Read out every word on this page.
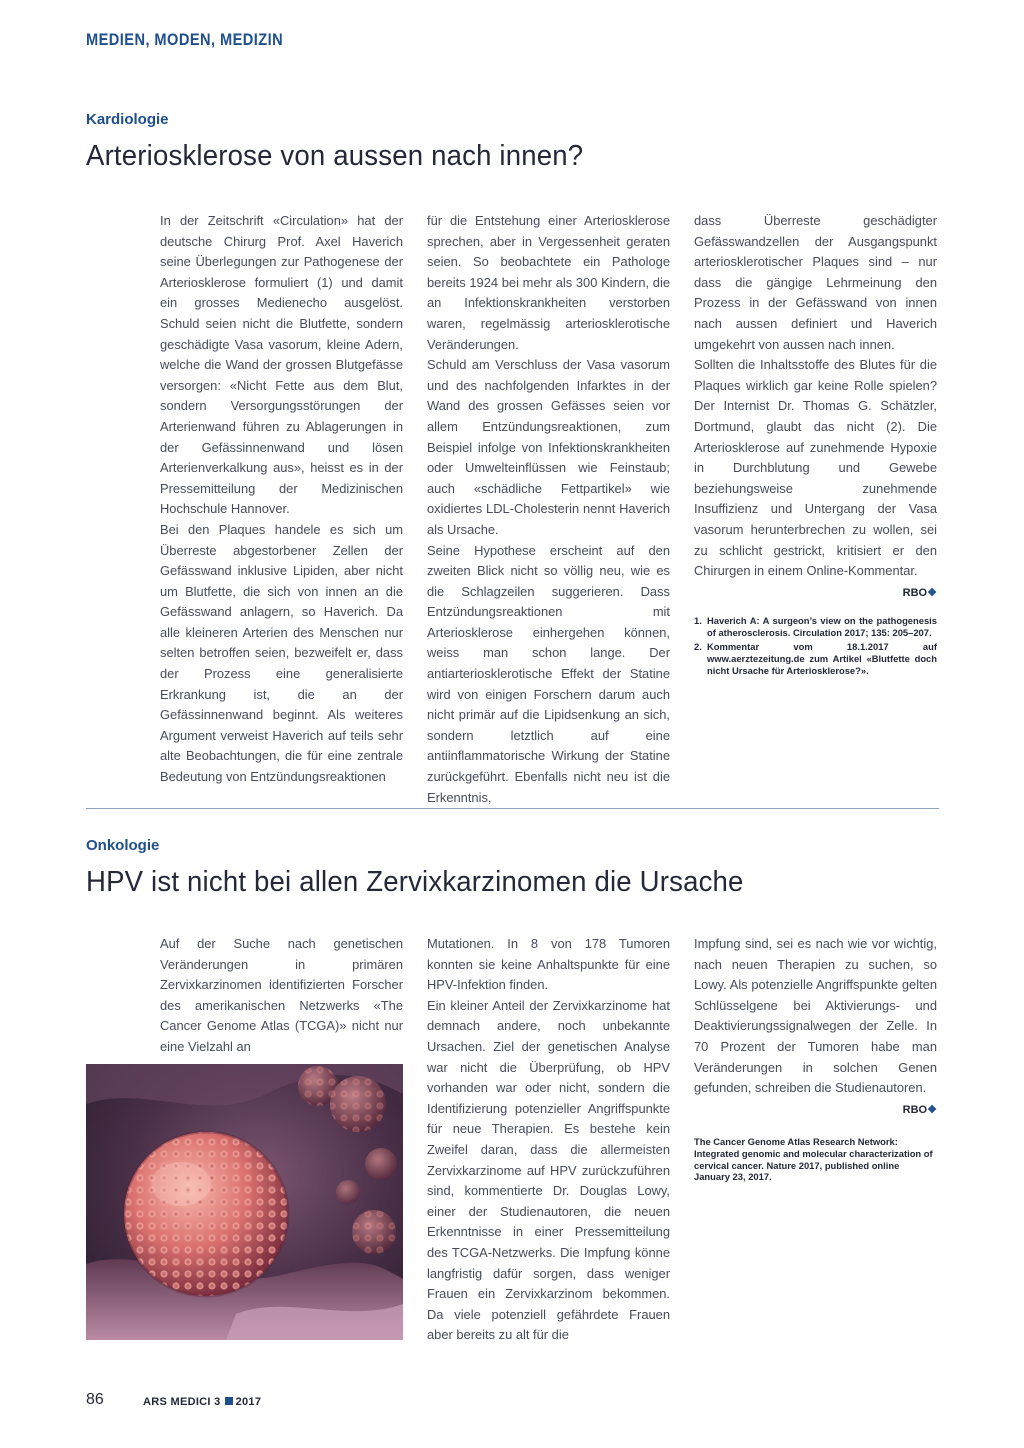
MEDIEN, MODEN, MEDIZIN
Kardiologie
Arteriosklerose von aussen nach innen?

In der Zeitschrift «Circulation» hat der deutsche Chirurg Prof. Axel Haverich seine Überlegungen zur Pathogenese der Arteriosklerose formuliert (1) und damit ein grosses Medienecho ausgelöst. Schuld seien nicht die Blutfette, sondern geschädigte Vasa vasorum, kleine Adern, welche die Wand der grossen Blutgefässe versorgen: «Nicht Fette aus dem Blut, sondern Versorgungsstörungen der Arterienwand führen zu Ablagerungen in der Gefässinnenwand und lösen Arterienverkalkung aus», heisst es in der Pressemitteilung der Medizinischen Hochschule Hannover.

Bei den Plaques handele es sich um Überreste abgestorbener Zellen der Gefässwand inklusive Lipiden, aber nicht um Blutfette, die sich von innen an die Gefässwand anlagern, so Haverich. Da alle kleineren Arterien des Menschen nur selten betroffen seien, bezweifelt er, dass der Prozess eine generalisierte Erkrankung ist, die an der Gefässinnenwand beginnt. Als weiteres Argument verweist Haverich auf teils sehr alte Beobachtungen, die für eine zentrale Bedeutung von Entzündungsreaktionen

für die Entstehung einer Arteriosklerose sprechen, aber in Vergessenheit geraten seien. So beobachtete ein Pathologe bereits 1924 bei mehr als 300 Kindern, die an Infektionskrankheiten verstorben waren, regelmässig arteriosklerotische Veränderungen.

Schuld am Verschluss der Vasa vasorum und des nachfolgenden Infarktes in der Wand des grossen Gefässes seien vor allem Entzündungsreaktionen, zum Beispiel infolge von Infektionskrankheiten oder Umwelteinflüssen wie Feinstaub; auch «schädliche Fettpartikel» wie oxidiertes LDL-Cholesterin nennt Haverich als Ursache.

Seine Hypothese erscheint auf den zweiten Blick nicht so völlig neu, wie es die Schlagzeilen suggerieren. Dass Entzündungsreaktionen mit Arteriosklerose einhergehen können, weiss man schon lange. Der antiarteriosklerotische Effekt der Statine wird von einigen Forschern darum auch nicht primär auf die Lipidsenkung an sich, sondern letztlich auf eine antiinflammatorische Wirkung der Statine zurückgeführt. Ebenfalls nicht neu ist die Erkenntnis,

dass Überreste geschädigter Gefässwandzellen der Ausgangspunkt arteriosklerotischer Plaques sind – nur dass die gängige Lehrmeinung den Prozess in der Gefässwand von innen nach aussen definiert und Haverich umgekehrt von aussen nach innen.

Sollten die Inhaltsstoffe des Blutes für die Plaques wirklich gar keine Rolle spielen? Der Internist Dr. Thomas G. Schätzler, Dortmund, glaubt das nicht (2). Die Arteriosklerose auf zunehmende Hypoxie in Durchblutung und Gewebe beziehungsweise zunehmende Insuffizienz und Untergang der Vasa vasorum herunterbrechen zu wollen, sei zu schlicht gestrickt, kritisiert er den Chirurgen in einem Online-Kommentar.

RBO❖
1. Haverich A: A surgeon’s view on the pathogenesis of atherosclerosis. Circulation 2017; 135: 205–207.
2. Kommentar vom 18.1.2017 auf www.aerztezeitung.de zum Artikel «Blutfette doch nicht Ursache für Arteriosklerose?».
Onkologie
HPV ist nicht bei allen Zervixkarzinomen die Ursache

Auf der Suche nach genetischen Veränderungen in primären Zervixkarzinomen identifizierten Forscher des amerikanischen Netzwerks «The Cancer Genome Atlas (TCGA)» nicht nur eine Vielzahl an

Mutationen. In 8 von 178 Tumoren konnten sie keine Anhaltspunkte für eine HPV-Infektion finden.

Ein kleiner Anteil der Zervixkarzinome hat demnach andere, noch unbekannte Ursachen. Ziel der genetischen Analyse war nicht die Überprüfung, ob HPV vorhanden war oder nicht, sondern die Identifizierung potenzieller Angriffspunkte für neue Therapien. Es bestehe kein Zweifel daran, dass die allermeisten Zervixkarzinome auf HPV zurückzuführen sind, kommentierte Dr. Douglas Lowy, einer der Studienautoren, die neuen Erkenntnisse in einer Pressemitteilung des TCGA-Netzwerks. Die Impfung könne langfristig dafür sorgen, dass weniger Frauen ein Zervixkarzinom bekommen. Da viele potenziell gefährdete Frauen aber bereits zu alt für die

Impfung sind, sei es nach wie vor wichtig, nach neuen Therapien zu suchen, so Lowy. Als potenzielle Angriffspunkte gelten Schlüsselgene bei Aktivierungs- und Deaktivierungssignalwegen der Zelle. In 70 Prozent der Tumoren habe man Veränderungen in solchen Genen gefunden, schreiben die Studienautoren.

RBO❖
The Cancer Genome Atlas Research Network: Integrated genomic and molecular characterization of cervical cancer. Nature 2017, published online January 23, 2017.
86	ARS MEDICI 3 2017
